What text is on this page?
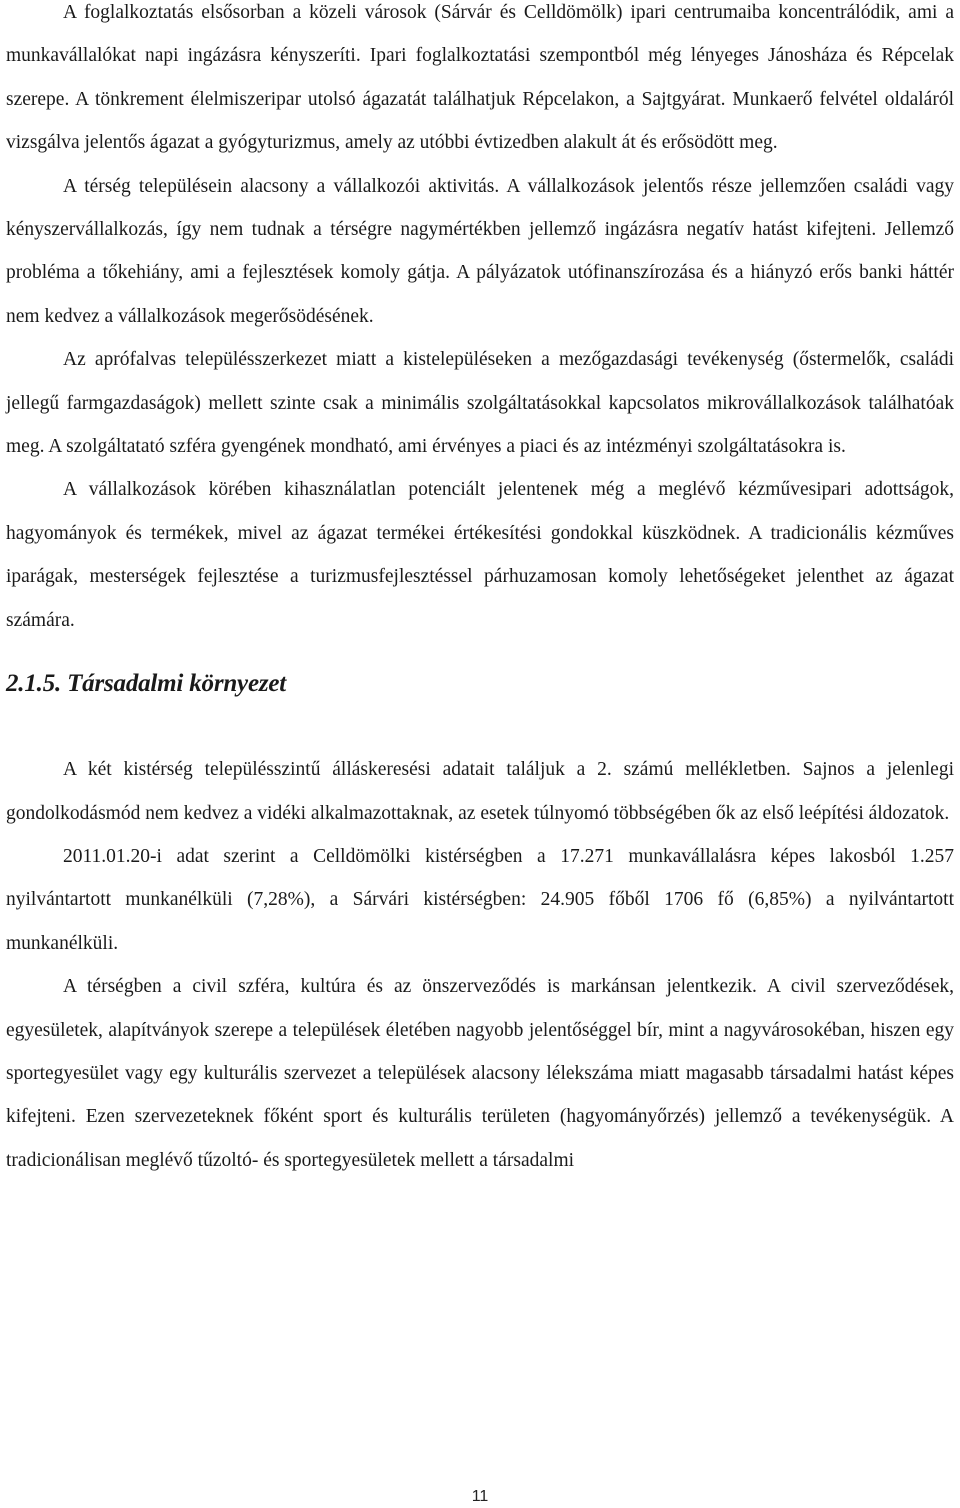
A foglalkoztatás elsősorban a közeli városok (Sárvár és Celldömölk) ipari centrumaiba koncentrálódik, ami a munkavállalókat napi ingázásra kényszeríti. Ipari foglalkoztatási szempontból még lényeges Jánosháza és Répcelak szerepe. A tönkrement élelmiszeripar utolsó ágazatát találhatjuk Répcelakon, a Sajtgyárat. Munkaerő felvétel oldaláról vizsgálva jelentős ágazat a gyógyturizmus, amely az utóbbi évtizedben alakult át és erősödött meg.

A térség településein alacsony a vállalkozói aktivitás. A vállalkozások jelentős része jellemzően családi vagy kényszervállalkozás, így nem tudnak a térségre nagymértékben jellemző ingázásra negatív hatást kifejteni. Jellemző probléma a tőkehiány, ami a fejlesztések komoly gátja. A pályázatok utófinanszírozása és a hiányzó erős banki háttér nem kedvez a vállalkozások megerősödésének.

Az aprófalvas településszerkezet miatt a kistelepüléseken a mezőgazdasági tevékenység (őstermelők, családi jellegű farmgazdaságok) mellett szinte csak a minimális szolgáltatásokkal kapcsolatos mikrovállalkozások találhatóak meg. A szolgáltatató szféra gyengének mondható, ami érvényes a piaci és az intézményi szolgáltatásokra is.

A vállalkozások körében kihasználatlan potenciált jelentenek még a meglévő kézművesipari adottságok, hagyományok és termékek, mivel az ágazat termékei értékesítési gondokkal küszködnek. A tradicionális kézműves iparágak, mesterségek fejlesztése a turizmusfejlesztéssel párhuzamosan komoly lehetőségeket jelenthet az ágazat számára.

2.1.5. Társadalmi környezet

A két kistérség településszintű álláskeresési adatait találjuk a 2. számú mellékletben. Sajnos a jelenlegi gondolkodásmód nem kedvez a vidéki alkalmazottaknak, az esetek túlnyomó többségében ők az első leépítési áldozatok.

2011.01.20-i adat szerint a Celldömölki kistérségben a 17.271 munkavállalásra képes lakosból 1.257 nyilvántartott munkanélküli (7,28%), a Sárvári kistérségben: 24.905 főből 1706 fő (6,85%) a nyilvántartott munkanélküli.

A térségben a civil szféra, kultúra és az önszerveződés is markánsan jelentkezik. A civil szerveződések, egyesületek, alapítványok szerepe a települések életében nagyobb jelentőséggel bír, mint a nagyvárosokéban, hiszen egy sportegyesület vagy egy kulturális szervezet a települések alacsony lélekszáma miatt magasabb társadalmi hatást képes kifejteni. Ezen szervezeteknek főként sport és kulturális területen (hagyományőrzés) jellemző a tevékenységük. A tradicionálisan meglévő tűzoltó- és sportegyesületek mellett a társadalmi

11
